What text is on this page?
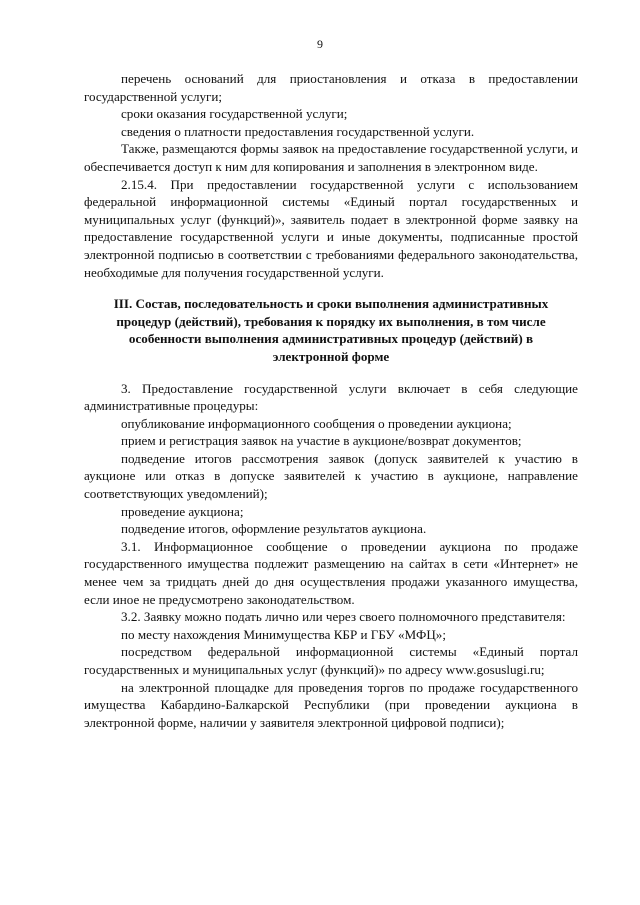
9

перечень оснований для приостановления и отказа в предоставлении государственной услуги;

сроки оказания государственной услуги;

сведения о платности предоставления государственной услуги.

Также, размещаются формы заявок на предоставление государственной услуги, и обеспечивается доступ к ним для копирования и заполнения в электронном виде.

2.15.4. При предоставлении государственной услуги с использованием федеральной информационной системы «Единый портал государственных и муниципальных услуг (функций)», заявитель подает в электронной форме заявку на предоставление государственной услуги и иные документы, подписанные простой электронной подписью в соответствии с требованиями федерального законодательства, необходимые для получения государственной услуги.

III. Состав, последовательность и сроки выполнения административных процедур (действий), требования к порядку их выполнения, в том числе особенности выполнения административных процедур (действий) в электронной форме

3. Предоставление государственной услуги включает в себя следующие административные процедуры:

опубликование информационного сообщения о проведении аукциона;

прием и регистрация заявок на участие в аукционе/возврат документов;

подведение итогов рассмотрения заявок (допуск заявителей к участию в аукционе или отказ в допуске заявителей к участию в аукционе, направление соответствующих уведомлений);

проведение аукциона;

подведение итогов, оформление результатов аукциона.

3.1. Информационное сообщение о проведении аукциона по продаже государственного имущества подлежит размещению на сайтах в сети «Интернет» не менее чем за тридцать дней до дня осуществления продажи указанного имущества, если иное не предусмотрено законодательством.

3.2. Заявку можно подать лично или через своего полномочного представителя:

по месту нахождения Минимущества КБР и ГБУ «МФЦ»;

посредством федеральной информационной системы «Единый портал государственных и муниципальных услуг (функций)» по адресу www.gosuslugi.ru;

на электронной площадке для проведения торгов по продаже государственного имущества Кабардино-Балкарской Республики (при проведении аукциона в электронной форме, наличии у заявителя электронной цифровой подписи);
